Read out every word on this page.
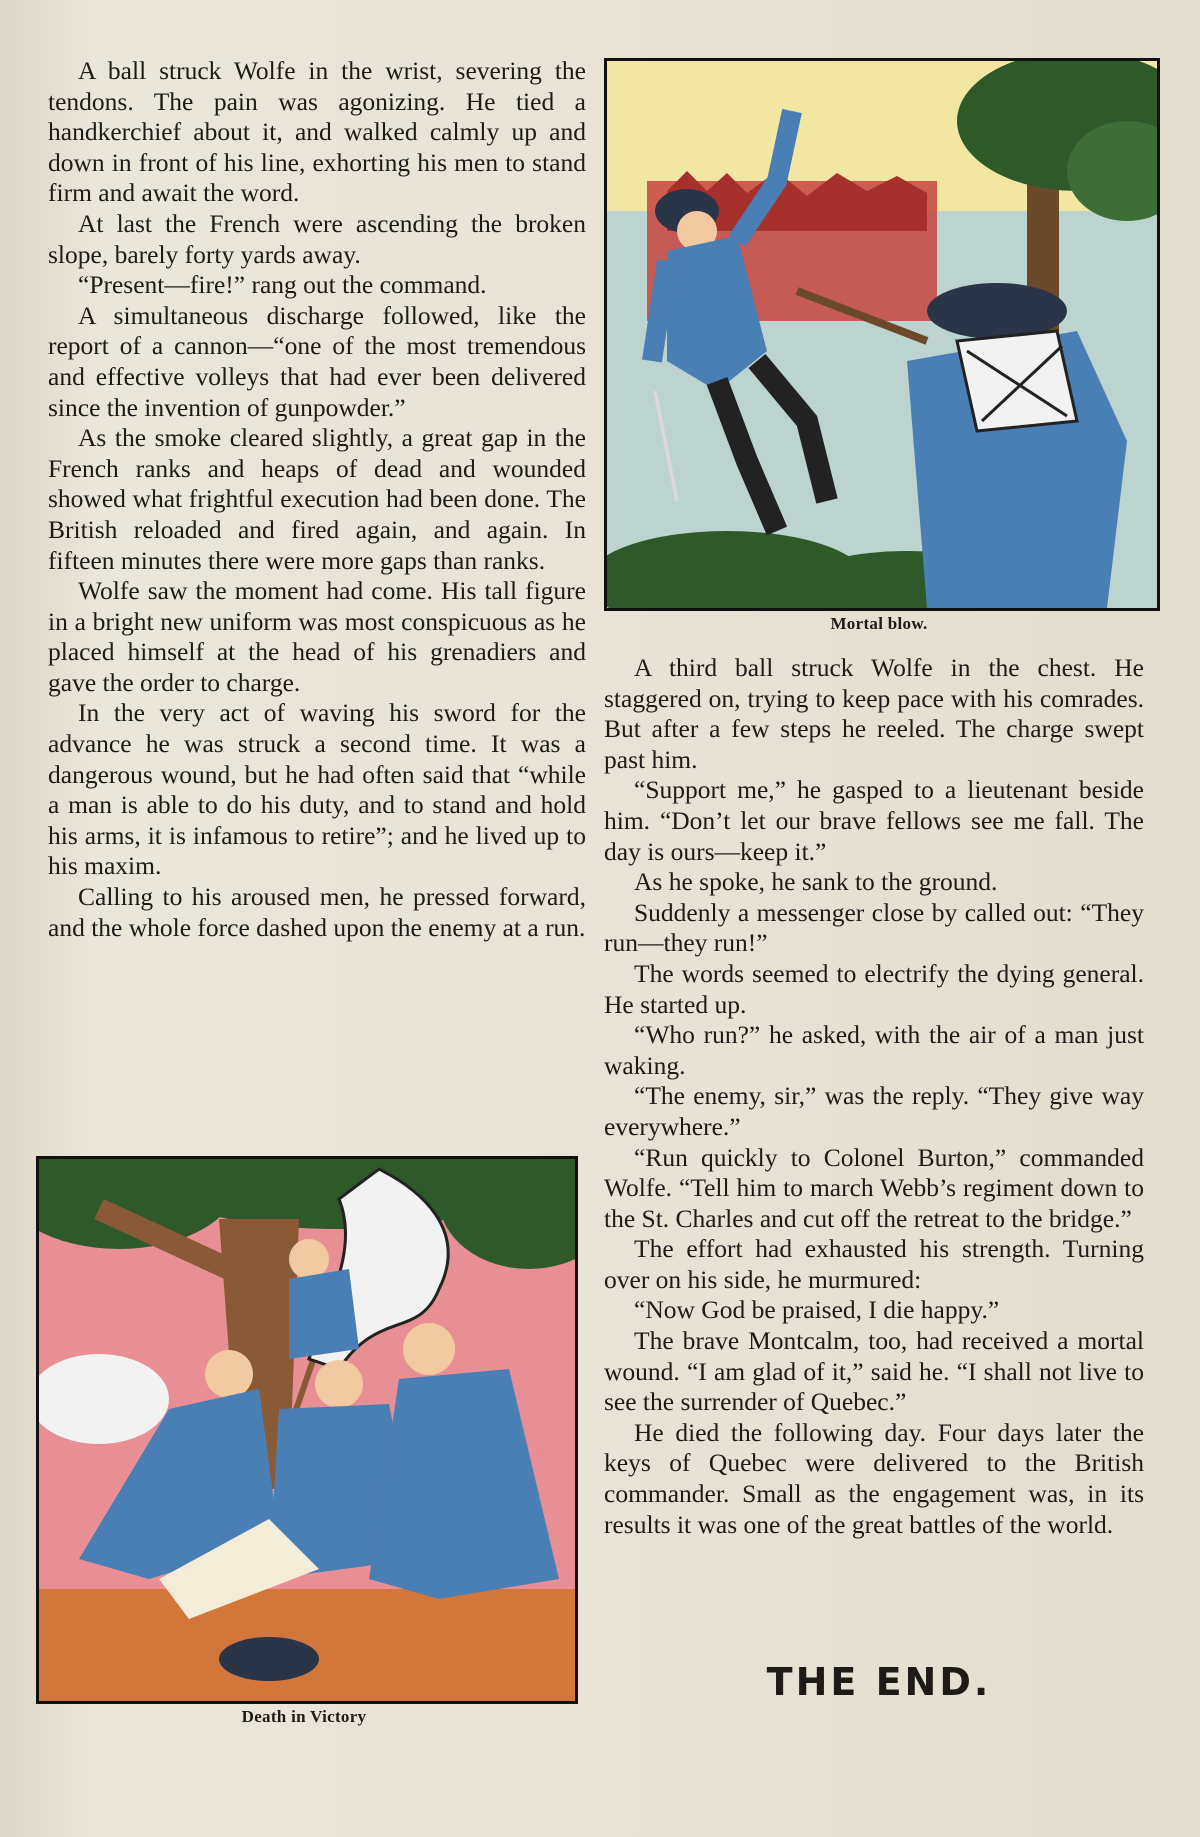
A ball struck Wolfe in the wrist, severing the tendons. The pain was agonizing. He tied a handkerchief about it, and walked calmly up and down in front of his line, exhorting his men to stand firm and await the word.

At last the French were ascending the broken slope, barely forty yards away.

“Present—fire!” rang out the command.

A simultaneous discharge followed, like the report of a cannon—“one of the most tremendous and effective volleys that had ever been delivered since the invention of gunpowder.”

As the smoke cleared slightly, a great gap in the French ranks and heaps of dead and wounded showed what frightful execution had been done. The British reloaded and fired again, and again. In fifteen minutes there were more gaps than ranks.

Wolfe saw the moment had come. His tall figure in a bright new uniform was most conspicuous as he placed himself at the head of his grenadiers and gave the order to charge.

In the very act of waving his sword for the advance he was struck a second time. It was a dangerous wound, but he had often said that “while a man is able to do his duty, and to stand and hold his arms, it is infamous to retire”; and he lived up to his maxim.

Calling to his aroused men, he pressed forward, and the whole force dashed upon the enemy at a run.

Mortal blow.

A third ball struck Wolfe in the chest. He staggered on, trying to keep pace with his comrades. But after a few steps he reeled. The charge swept past him.

“Support me,” he gasped to a lieutenant beside him. “Don’t let our brave fellows see me fall. The day is ours—keep it.”

As he spoke, he sank to the ground.

Suddenly a messenger close by called out: “They run—they run!”

The words seemed to electrify the dying general. He started up.

“Who run?” he asked, with the air of a man just waking.

“The enemy, sir,” was the reply. “They give way everywhere.”

“Run quickly to Colonel Burton,” commanded Wolfe. “Tell him to march Webb’s regiment down to the St. Charles and cut off the retreat to the bridge.”

The effort had exhausted his strength. Turning over on his side, he murmured:

“Now God be praised, I die happy.”

The brave Montcalm, too, had received a mortal wound. “I am glad of it,” said he. “I shall not live to see the surrender of Quebec.”

He died the following day. Four days later the keys of Quebec were delivered to the British commander. Small as the engagement was, in its results it was one of the great battles of the world.

Death in Victory
THE END.
